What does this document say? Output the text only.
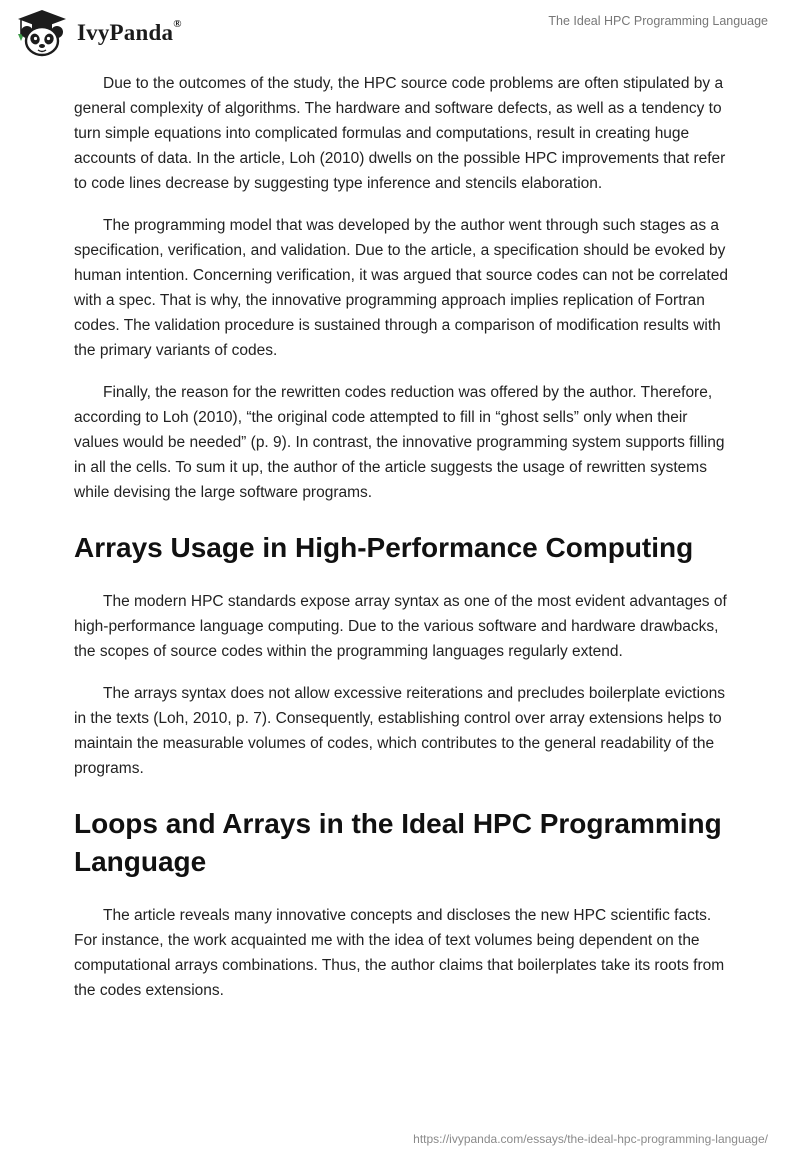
IvyPanda®	The Ideal HPC Programming Language

Due to the outcomes of the study, the HPC source code problems are often stipulated by a general complexity of algorithms. The hardware and software defects, as well as a tendency to turn simple equations into complicated formulas and computations, result in creating huge accounts of data. In the article, Loh (2010) dwells on the possible HPC improvements that refer to code lines decrease by suggesting type inference and stencils elaboration.

The programming model that was developed by the author went through such stages as a specification, verification, and validation. Due to the article, a specification should be evoked by human intention. Concerning verification, it was argued that source codes can not be correlated with a spec. That is why, the innovative programming approach implies replication of Fortran codes. The validation procedure is sustained through a comparison of modification results with the primary variants of codes.

Finally, the reason for the rewritten codes reduction was offered by the author. Therefore, according to Loh (2010), “the original code attempted to fill in “ghost sells” only when their values would be needed” (p. 9). In contrast, the innovative programming system supports filling in all the cells. To sum it up, the author of the article suggests the usage of rewritten systems while devising the large software programs.

Arrays Usage in High-Performance Computing

The modern HPC standards expose array syntax as one of the most evident advantages of high-performance language computing. Due to the various software and hardware drawbacks, the scopes of source codes within the programming languages regularly extend.

The arrays syntax does not allow excessive reiterations and precludes boilerplate evictions in the texts (Loh, 2010, p. 7). Consequently, establishing control over array extensions helps to maintain the measurable volumes of codes, which contributes to the general readability of the programs.

Loops and Arrays in the Ideal HPC Programming Language

The article reveals many innovative concepts and discloses the new HPC scientific facts. For instance, the work acquainted me with the idea of text volumes being dependent on the computational arrays combinations. Thus, the author claims that boilerplates take its roots from the codes extensions.

https://ivypanda.com/essays/the-ideal-hpc-programming-language/
